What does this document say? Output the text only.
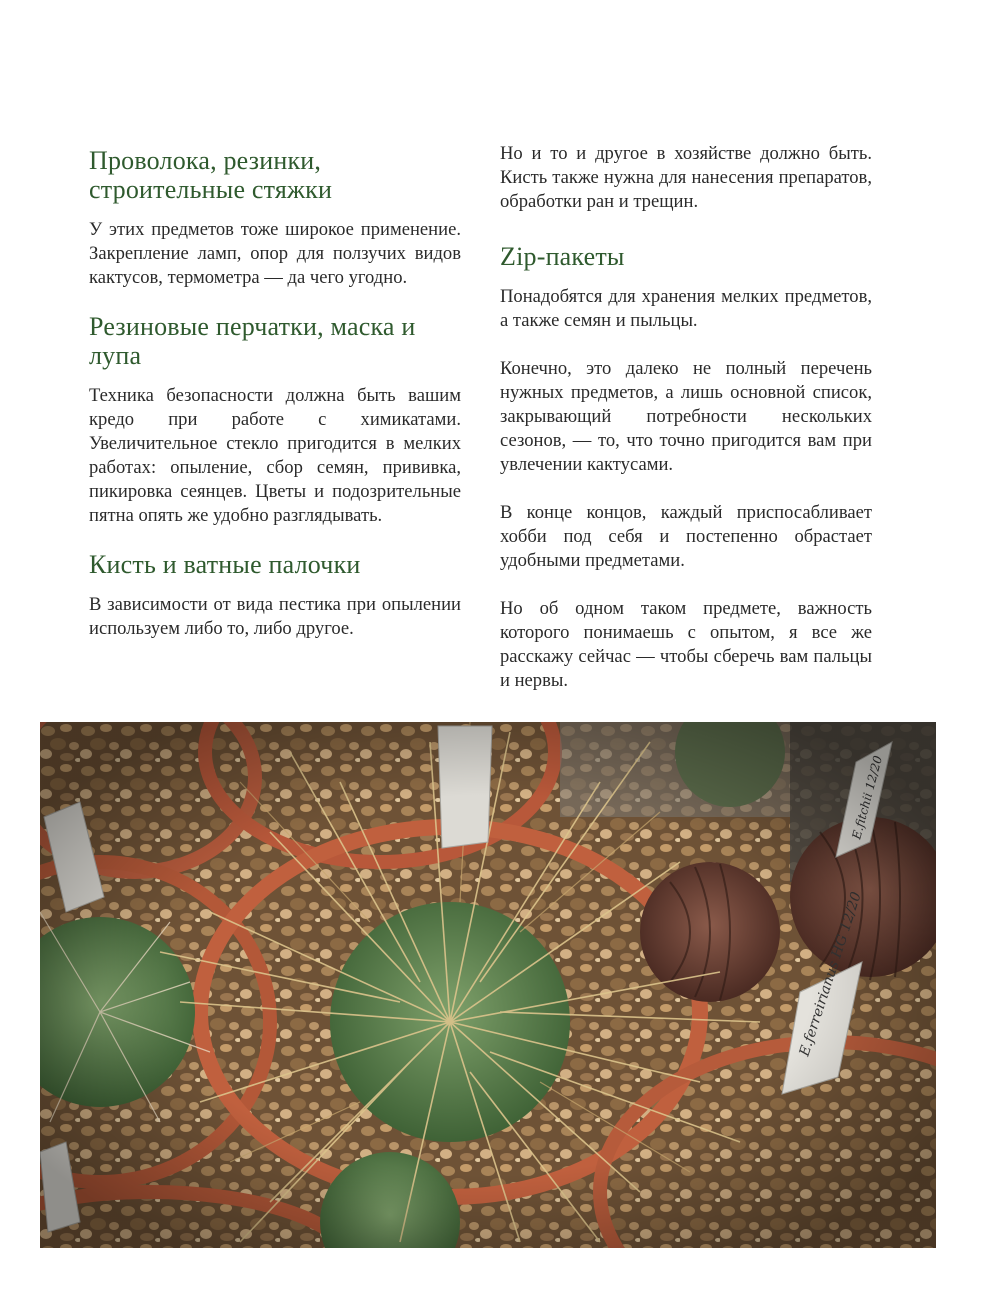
Проволока, резинки, строительные стяжки

У этих предметов тоже широкое применение. Закрепление ламп, опор для ползучих видов кактусов, термометра — да чего угодно.

Резиновые перчатки, маска и лупа

Техника безопасности должна быть вашим кредо при работе с химикатами. Увеличительное стекло пригодится в мелких работах: опыление, сбор семян, прививка, пикировка сеянцев. Цветы и подозрительные пятна опять же удобно разглядывать.

Кисть и ватные палочки

В зависимости от вида пестика при опылении используем либо то, либо другое.

Но и то и другое в хозяйстве должно быть. Кисть также нужна для нанесения препаратов, обработки ран и трещин.

Zip-пакеты

Понадобятся для хранения мелких предметов, а также семян и пыльцы.

Конечно, это далеко не полный перечень нужных предметов, а лишь основной список, закрывающий потребности нескольких сезонов, — то, что точно пригодится вам при увлечении кактусами.

В конце концов, каждый приспосабливает хобби под себя и постепенно обрастает удобными предметами.

Но об одном таком предмете, важность которого понимаешь с опытом, я все же расскажу сейчас — чтобы сберечь вам пальцы и нервы.
